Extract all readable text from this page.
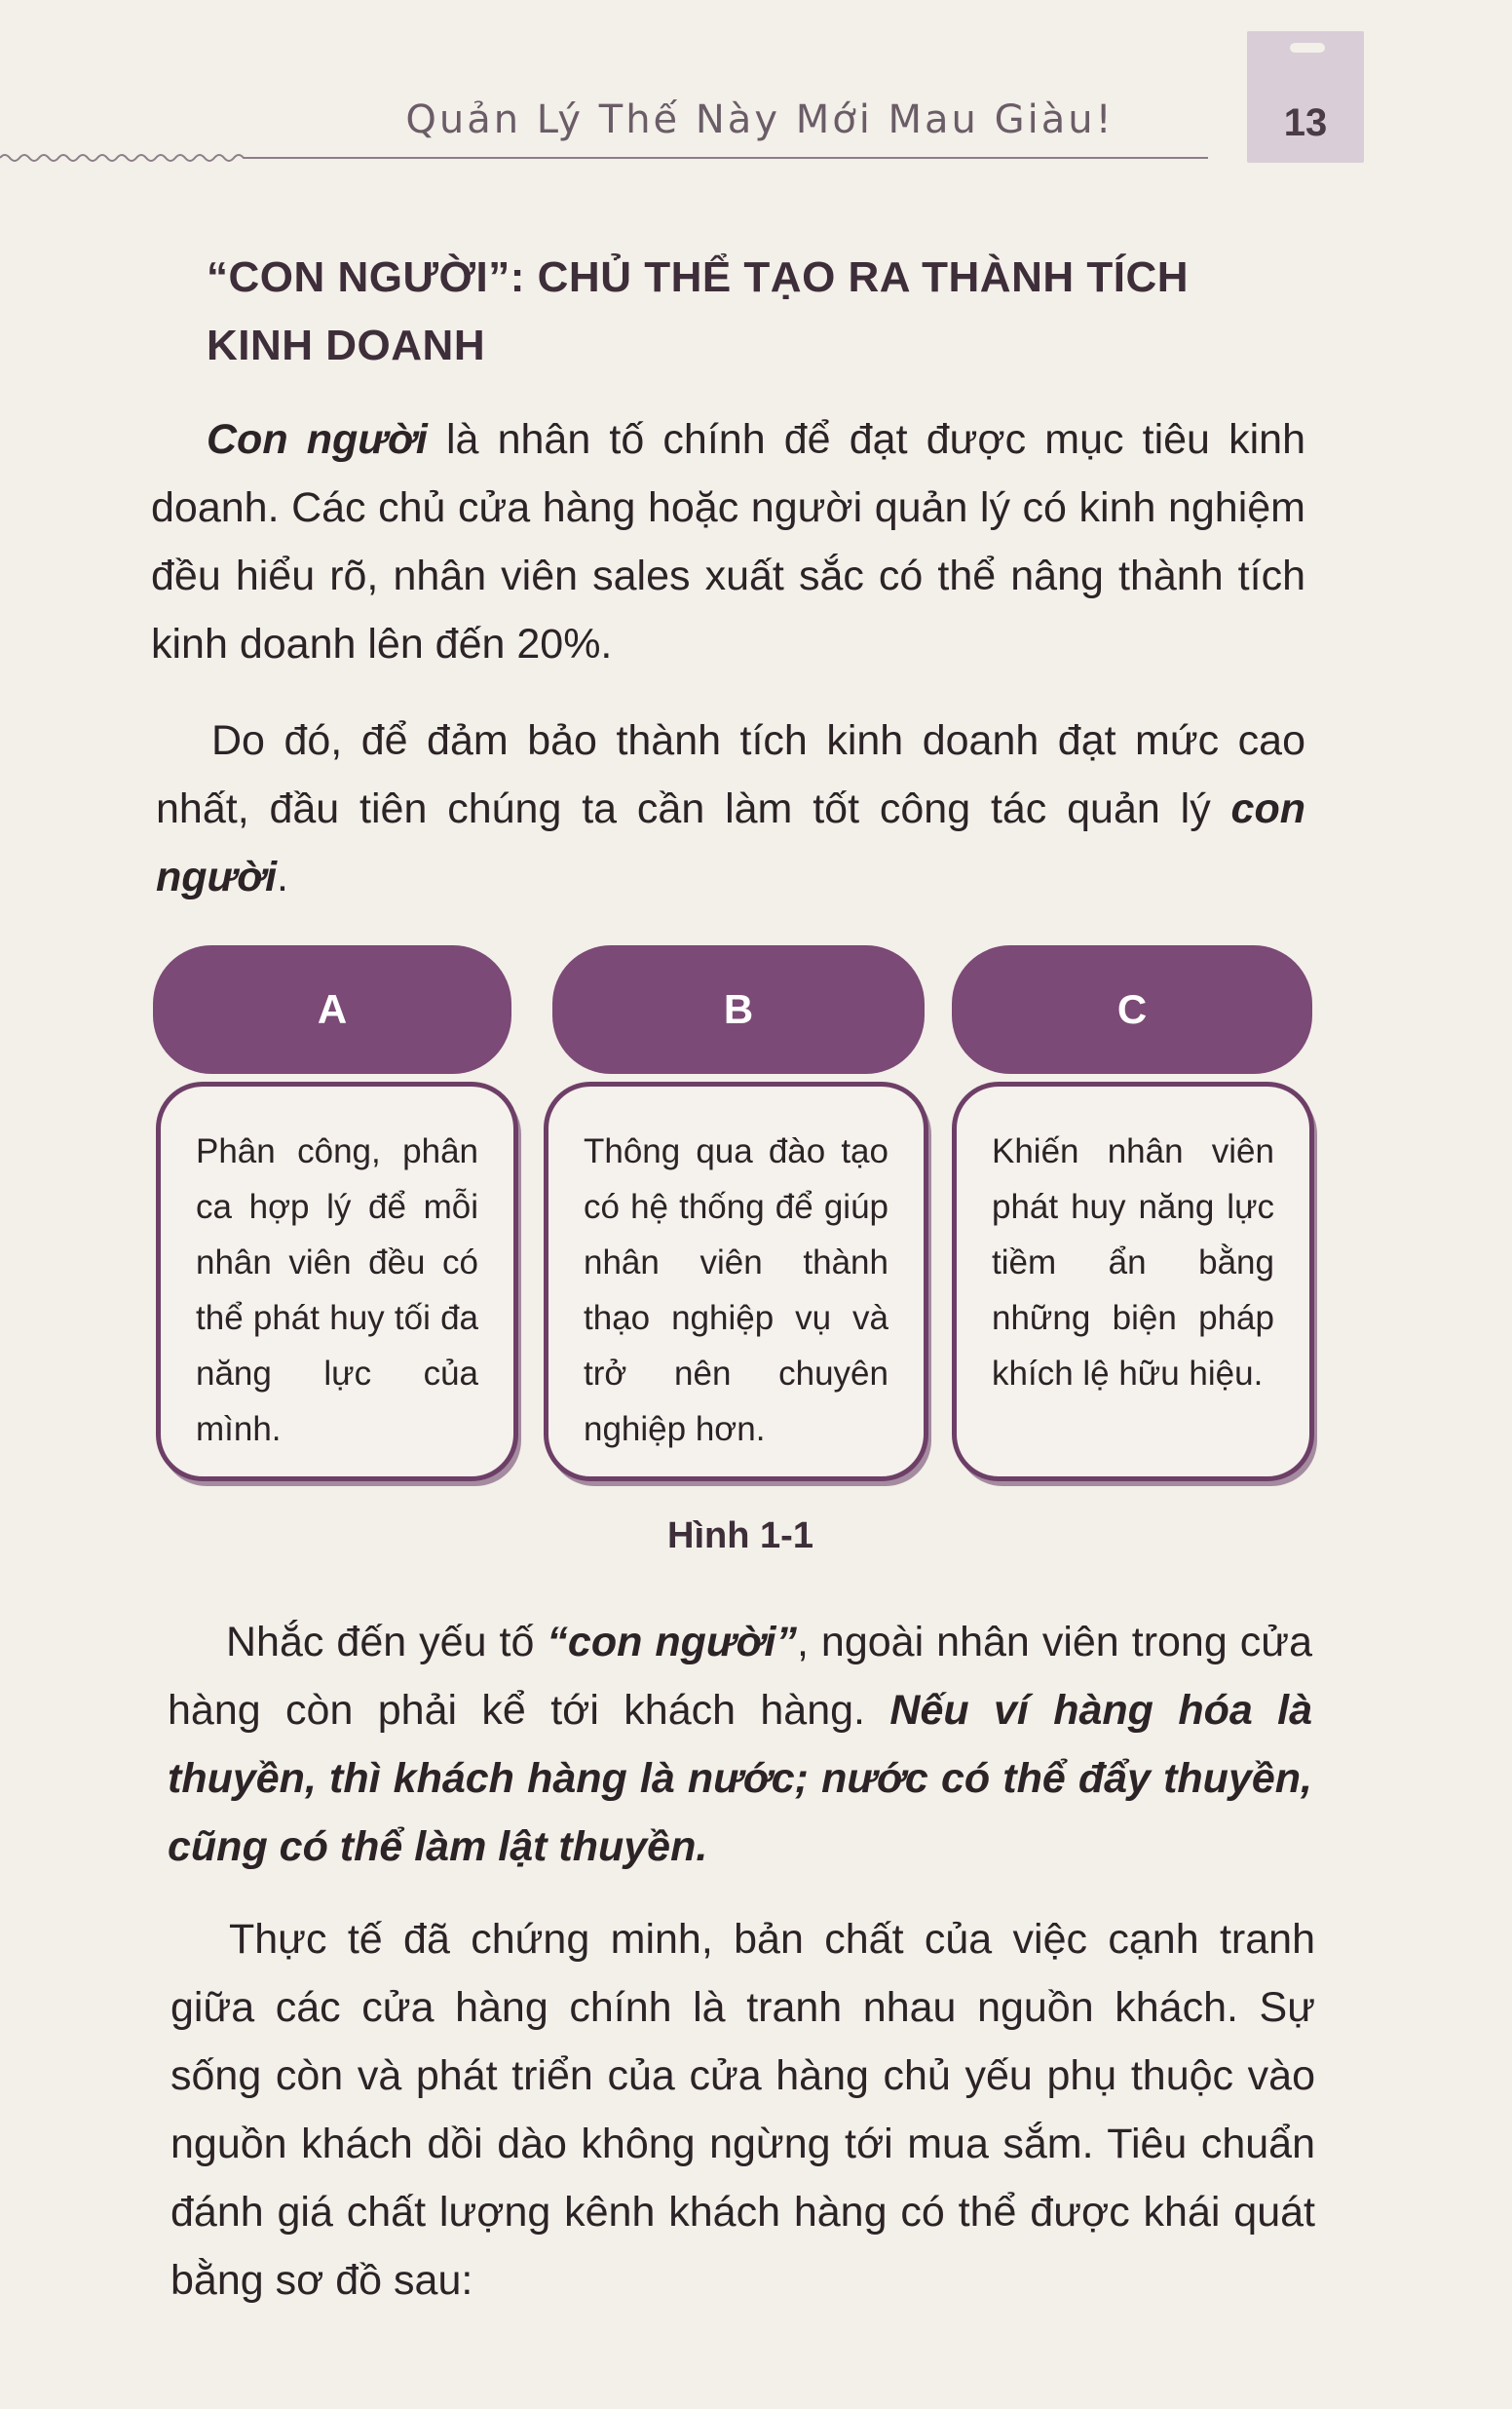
Quản Lý Thế Này Mới Mau Giàu!	13
“CON NGƯỜI”: CHỦ THỂ TẠO RA THÀNH TÍCH
KINH DOANH
Con người là nhân tố chính để đạt được mục tiêu kinh doanh. Các chủ cửa hàng hoặc người quản lý có kinh nghiệm đều hiểu rõ, nhân viên sales xuất sắc có thể nâng thành tích kinh doanh lên đến 20%.
Do đó, để đảm bảo thành tích kinh doanh đạt mức cao nhất, đầu tiên chúng ta cần làm tốt công tác quản lý con người.
A	B	C
Phân công, phân ca hợp lý để mỗi nhân viên đều có thể phát huy tối đa năng lực của mình.
Thông qua đào tạo có hệ thống để giúp nhân viên thành thạo nghiệp vụ và trở nên chuyên nghiệp hơn.
Khiến nhân viên phát huy năng lực tiềm ẩn bằng những biện pháp khích lệ hữu hiệu.
Hình 1-1
Nhắc đến yếu tố “con người”, ngoài nhân viên trong cửa hàng còn phải kể tới khách hàng. Nếu ví hàng hóa là thuyền, thì khách hàng là nước; nước có thể đẩy thuyền, cũng có thể làm lật thuyền.
Thực tế đã chứng minh, bản chất của việc cạnh tranh giữa các cửa hàng chính là tranh nhau nguồn khách. Sự sống còn và phát triển của cửa hàng chủ yếu phụ thuộc vào nguồn khách dồi dào không ngừng tới mua sắm. Tiêu chuẩn đánh giá chất lượng kênh khách hàng có thể được khái quát bằng sơ đồ sau:
